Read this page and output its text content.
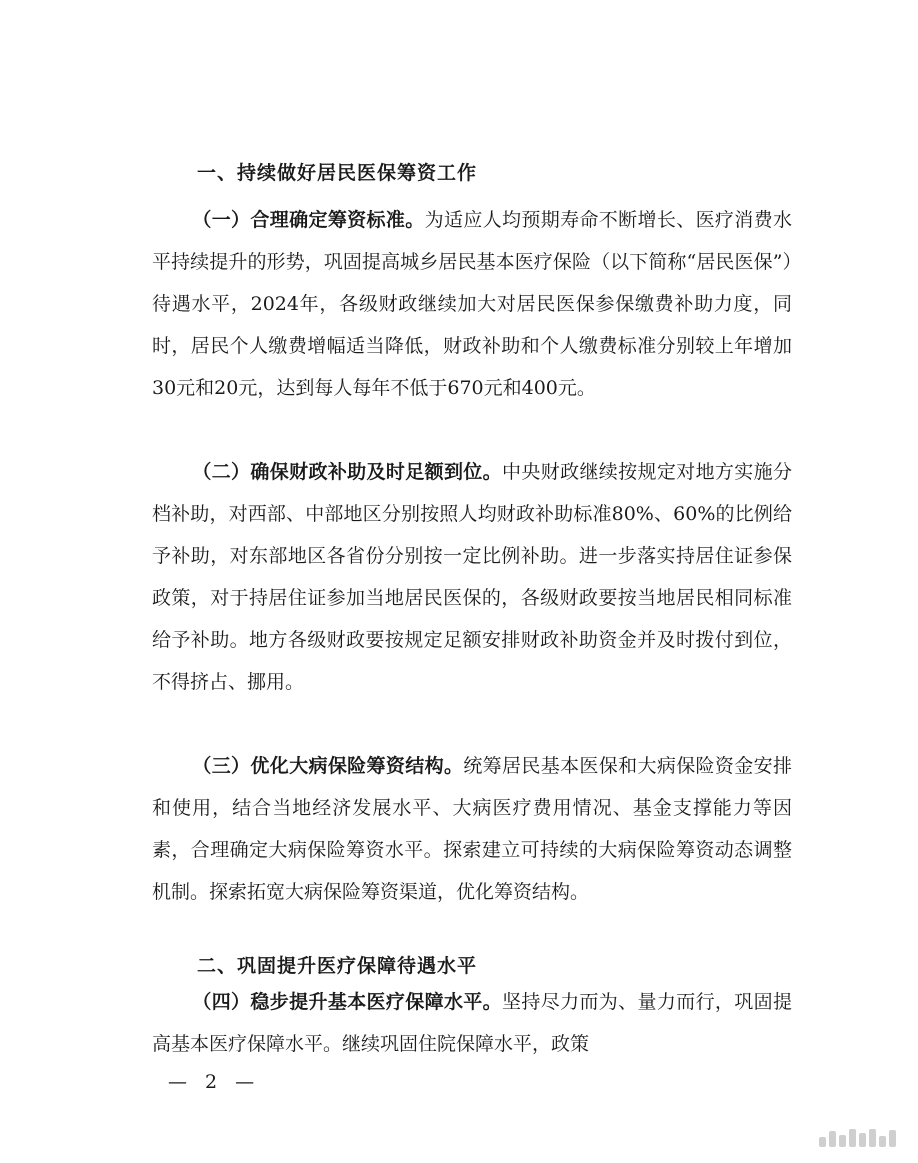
一、持续做好居民医保筹资工作

（一）合理确定筹资标准。为适应人均预期寿命不断增长、医疗消费水平持续提升的形势，巩固提高城乡居民基本医疗保险（以下简称“居民医保”）待遇水平，2024年，各级财政继续加大对居民医保参保缴费补助力度，同时，居民个人缴费增幅适当降低，财政补助和个人缴费标准分别较上年增加30元和20元，达到每人每年不低于670元和400元。

（二）确保财政补助及时足额到位。中央财政继续按规定对地方实施分档补助，对西部、中部地区分别按照人均财政补助标准80%、60%的比例给予补助，对东部地区各省份分别按一定比例补助。进一步落实持居住证参保政策，对于持居住证参加当地居民医保的，各级财政要按当地居民相同标准给予补助。地方各级财政要按规定足额安排财政补助资金并及时拨付到位，不得挤占、挪用。

（三）优化大病保险筹资结构。统筹居民基本医保和大病保险资金安排和使用，结合当地经济发展水平、大病医疗费用情况、基金支撑能力等因素，合理确定大病保险筹资水平。探索建立可持续的大病保险筹资动态调整机制。探索拓宽大病保险筹资渠道，优化筹资结构。

二、巩固提升医疗保障待遇水平

（四）稳步提升基本医疗保障水平。坚持尽力而为、量力而行，巩固提高基本医疗保障水平。继续巩固住院保障水平，政策

— 2 —
